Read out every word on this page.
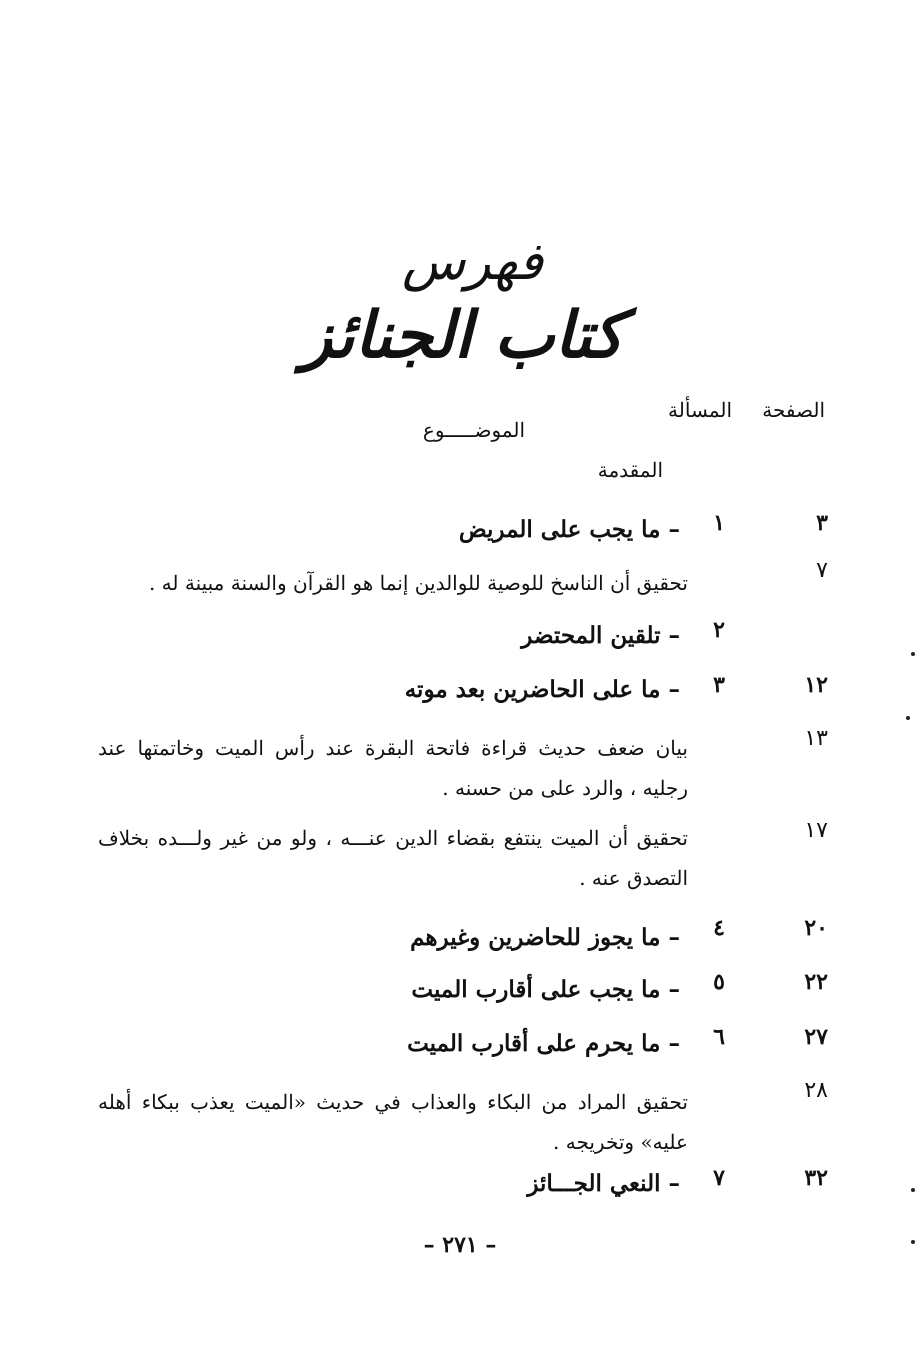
فهرس
كتاب الجنائز
الصفحة
المسألة
الموضـــــوع
المقدمة
٣
١
– ما يجب على المريض
٧
تحقيق أن الناسخ للوصية للوالدين إنما هو القرآن والسنة مبينة له .
٢
– تلقين المحتضر
١٢
٣
– ما على الحاضرين بعد موته
١٣
بيان ضعف حديث قراءة فاتحة البقرة عند رأس الميت وخاتمتها عند رجليه ، والرد على من حسنه .
١٧
تحقيق أن الميت ينتفع بقضاء الدين عنـــه ، ولو من غير ولـــده بخلاف التصدق عنه .
٢٠
٤
– ما يجوز للحاضرين وغيرهم
٢٢
٥
– ما يجب على أقارب الميت
٢٧
٦
– ما يحرم على أقارب الميت
٢٨
تحقيق المراد من البكاء والعذاب في حديث «الميت يعذب ببكاء أهله عليه» وتخريجه .
٣٢
٧
– النعي الجـــائز
– ٢٧١ –
